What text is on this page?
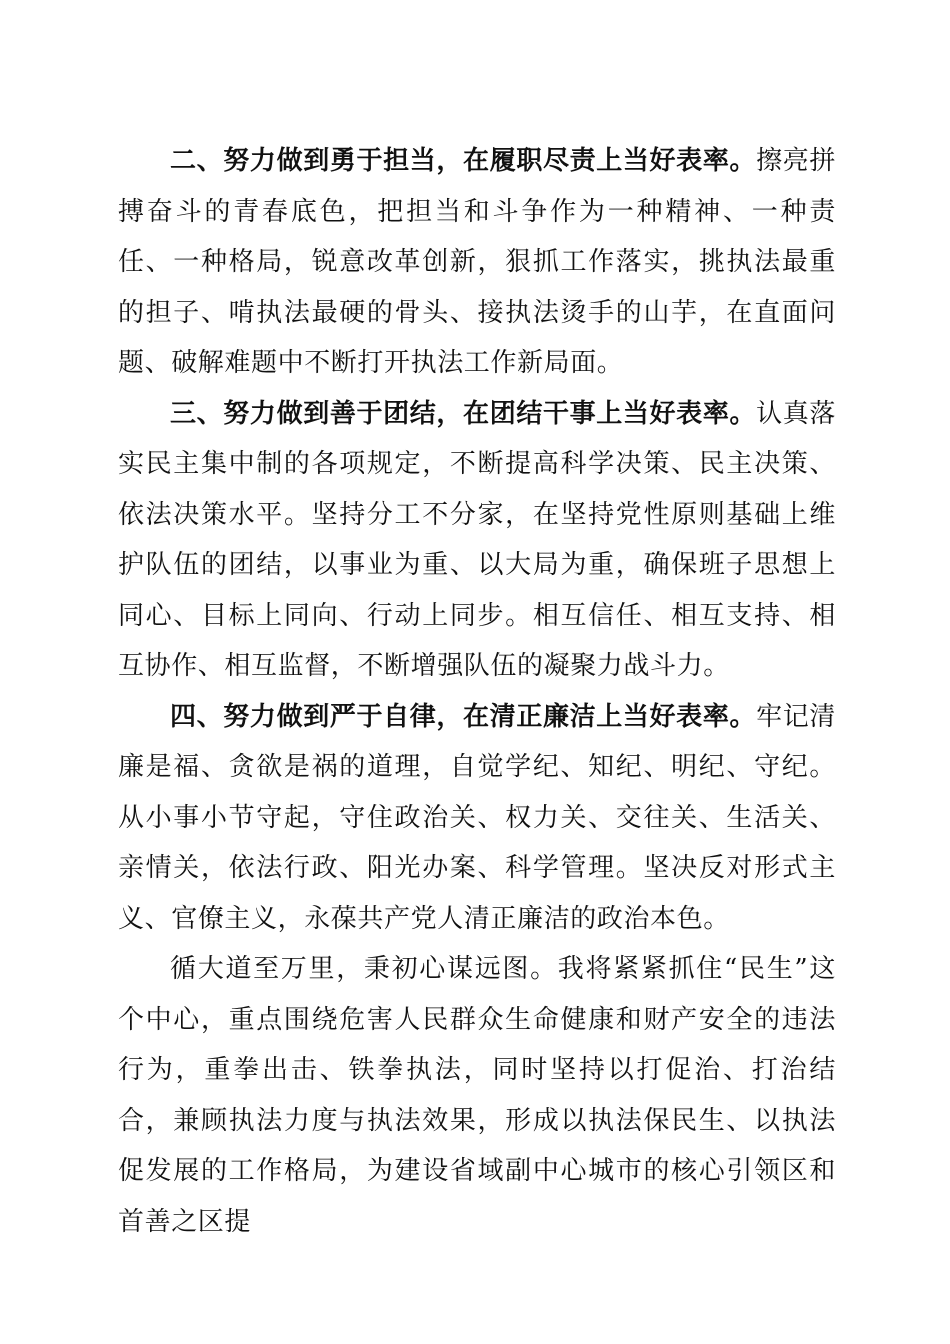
二、努力做到勇于担当，在履职尽责上当好表率。擦亮拼搏奋斗的青春底色，把担当和斗争作为一种精神、一种责任、一种格局，锐意改革创新，狠抓工作落实，挑执法最重的担子、啃执法最硬的骨头、接执法烫手的山芋，在直面问题、破解难题中不断打开执法工作新局面。

三、努力做到善于团结，在团结干事上当好表率。认真落实民主集中制的各项规定，不断提高科学决策、民主决策、依法决策水平。坚持分工不分家，在坚持党性原则基础上维护队伍的团结，以事业为重、以大局为重，确保班子思想上同心、目标上同向、行动上同步。相互信任、相互支持、相互协作、相互监督，不断增强队伍的凝聚力战斗力。

四、努力做到严于自律，在清正廉洁上当好表率。牢记清廉是福、贪欲是祸的道理，自觉学纪、知纪、明纪、守纪。从小事小节守起，守住政治关、权力关、交往关、生活关、亲情关，依法行政、阳光办案、科学管理。坚决反对形式主义、官僚主义，永葆共产党人清正廉洁的政治本色。

循大道至万里，秉初心谋远图。我将紧紧抓住“民生”这个中心，重点围绕危害人民群众生命健康和财产安全的违法行为，重拳出击、铁拳执法，同时坚持以打促治、打治结合，兼顾执法力度与执法效果，形成以执法保民生、以执法促发展的工作格局，为建设省域副中心城市的核心引领区和首善之区提
